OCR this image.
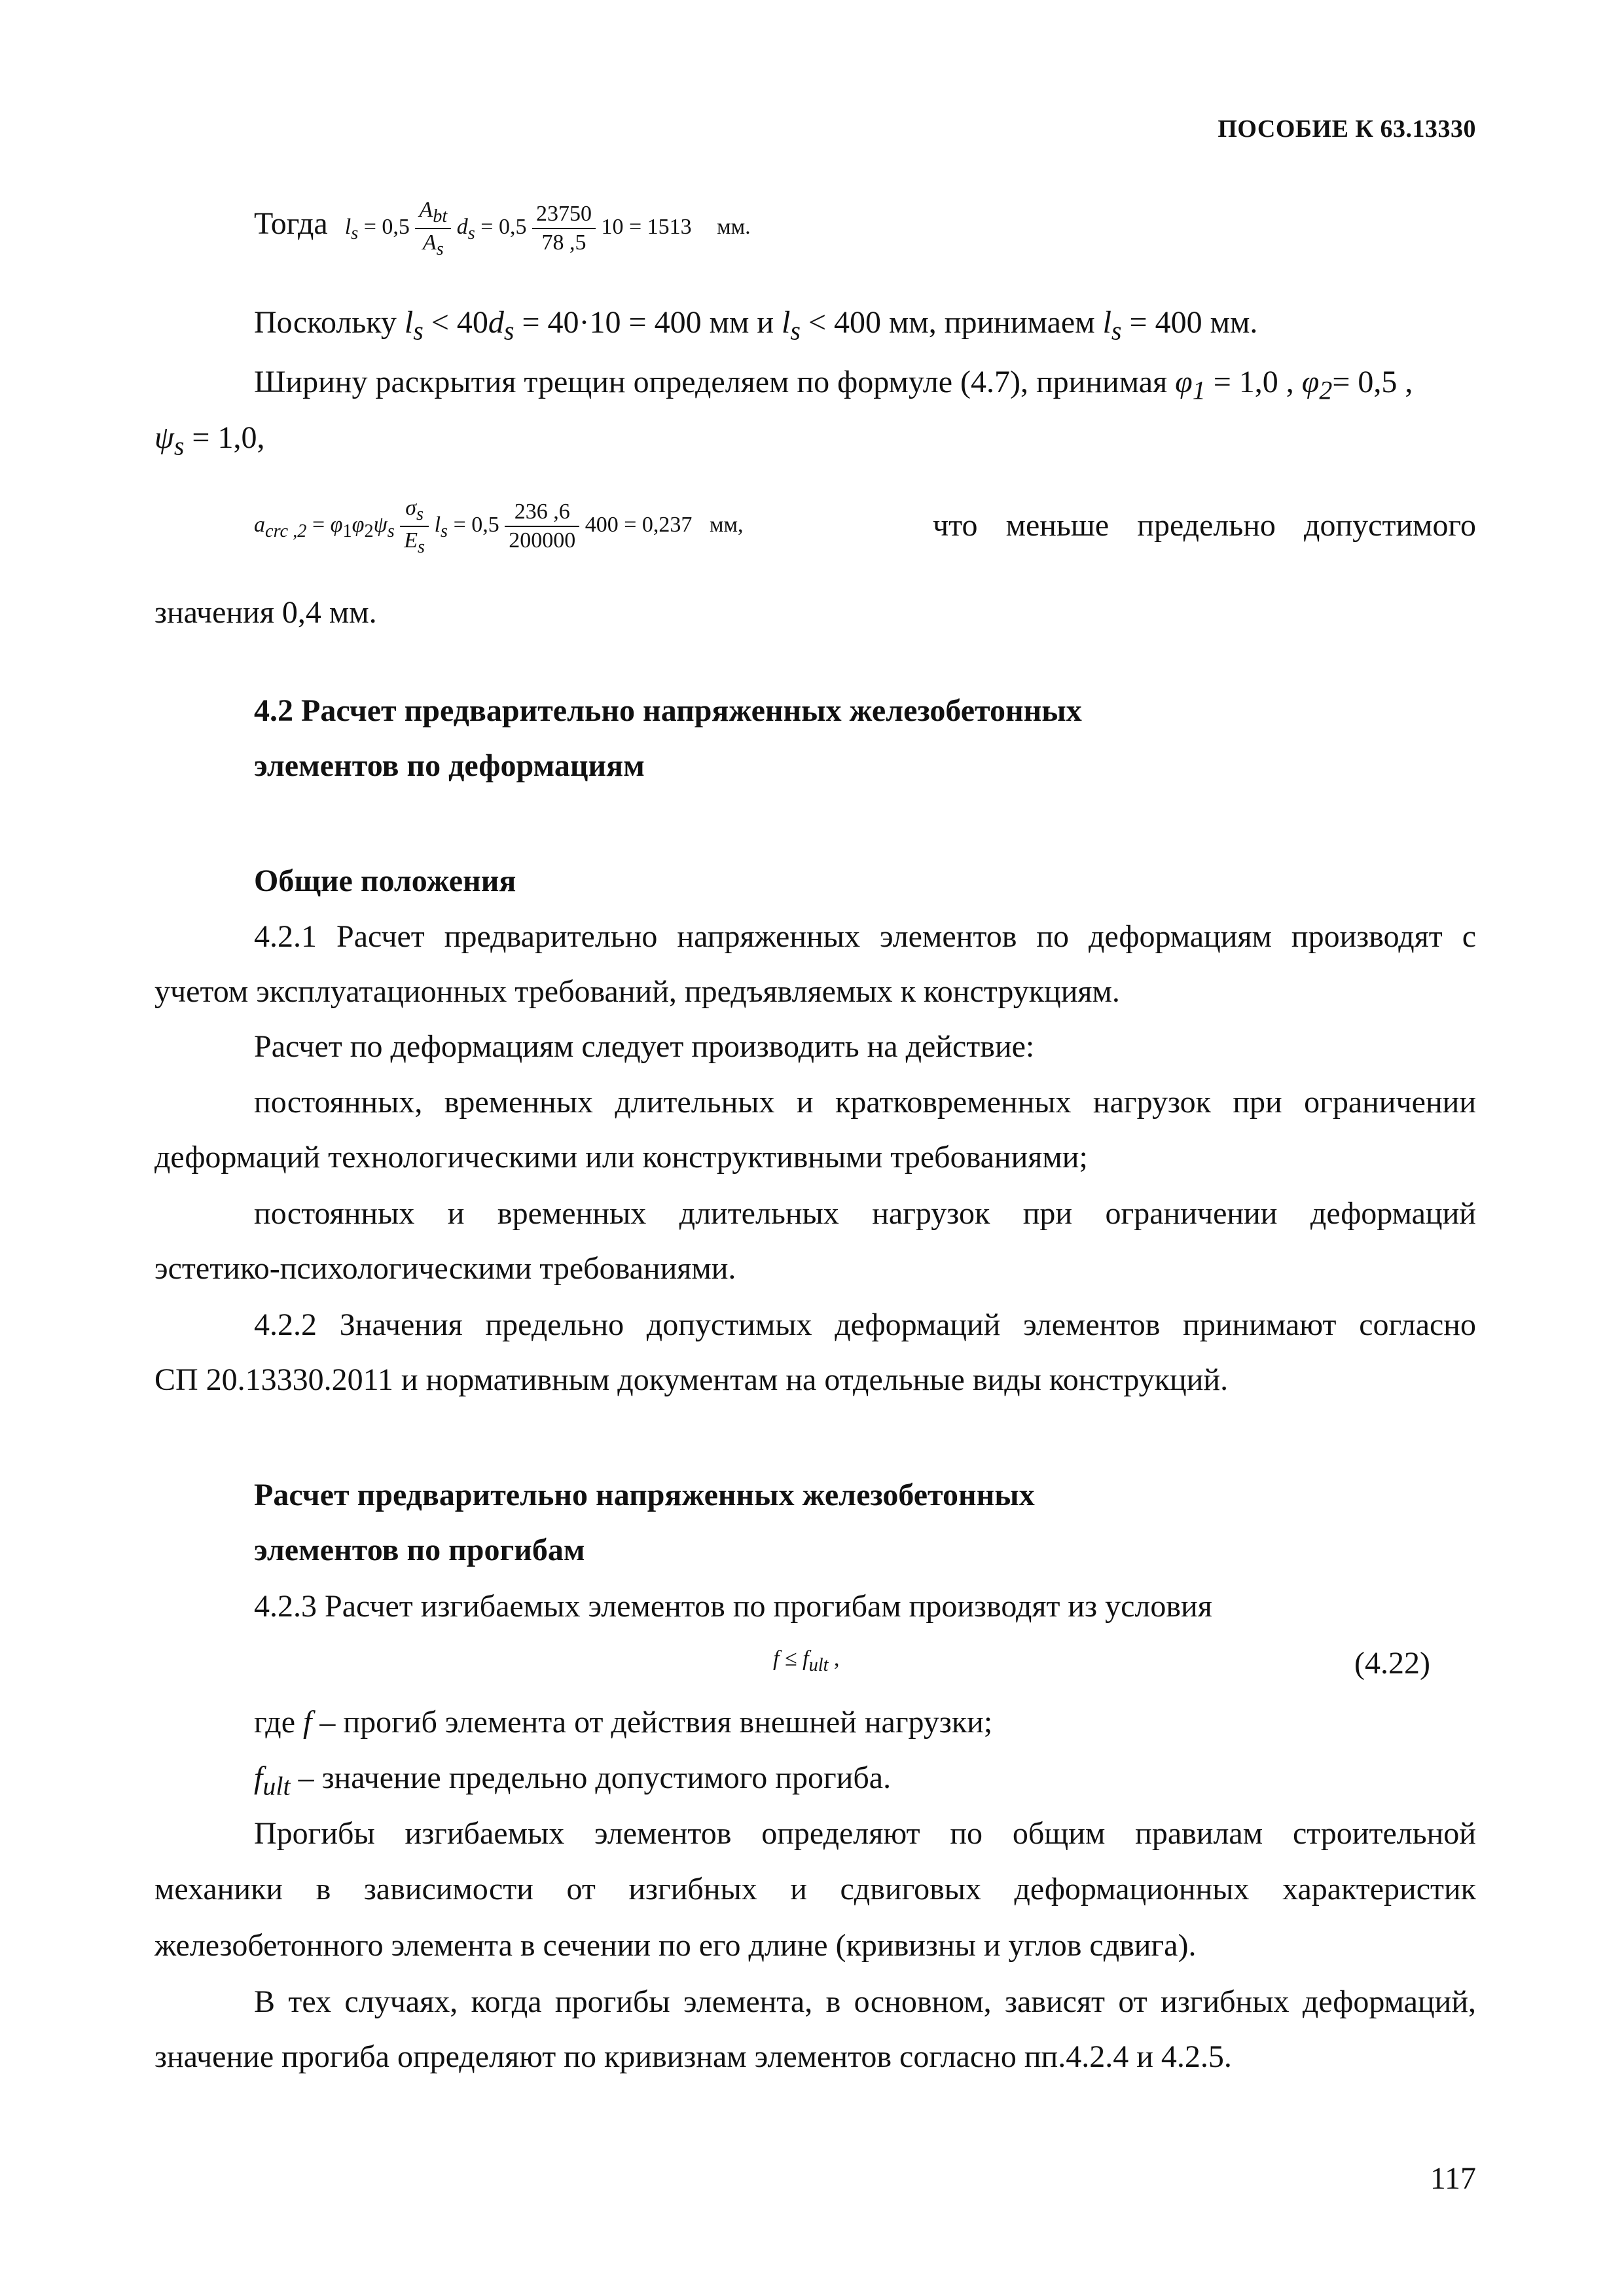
ПОСОБИЕ К 63.13330
Тогда $l_s = 0,5 \frac{A_{bt}}{A_s} d_s = 0,5 \frac{23750}{78 ,5} 10 = 1513$ мм.
Поскольку $l_s < 40d_s = 40\cdot 10 = 400$ мм и $l_s < 400$ мм, принимаем $l_s = 400$ мм.
Ширину раскрытия трещин определяем по формуле (4.7), принимая $\varphi_1 = 1,0$ , $\varphi_2= 0,5$ ,
$\psi_s = 1,0$,
$a_{crc ,2} = \varphi_1\varphi_2\psi_s \frac{\sigma_s}{E_s} l_s = 0,5 \frac{236 ,6}{200000} 400 = 0,237$ мм,	что меньше предельно допустимого
значения 0,4 мм.
4.2 Расчет предварительно напряженных железобетонных
элементов по деформациям
Общие положения
4.2.1 Расчет предварительно напряженных элементов по деформациям производят с
учетом эксплуатационных требований, предъявляемых к конструкциям.
Расчет по деформациям следует производить на действие:
постоянных, временных длительных и кратковременных нагрузок при ограничении
деформаций технологическими или конструктивными требованиями;
постоянных и временных длительных нагрузок при ограничении деформаций
эстетико-психологическими требованиями.
4.2.2 Значения предельно допустимых деформаций элементов принимают согласно
СП 20.13330.2011 и нормативным документам на отдельные виды конструкций.
Расчет предварительно напряженных железобетонных
элементов по прогибам
4.2.3 Расчет изгибаемых элементов по прогибам производят из условия
$f \le f_{ult}$ ,	(4.22)
где f – прогиб элемента от действия внешней нагрузки;
$f_{ult}$ – значение предельно допустимого прогиба.
Прогибы изгибаемых элементов определяют по общим правилам строительной
механики в зависимости от изгибных и сдвиговых деформационных характеристик
железобетонного элемента в сечении по его длине (кривизны и углов сдвига).
В тех случаях, когда прогибы элемента, в основном, зависят от изгибных деформаций,
значение прогиба определяют по кривизнам элементов согласно пп.4.2.4 и 4.2.5.
117
